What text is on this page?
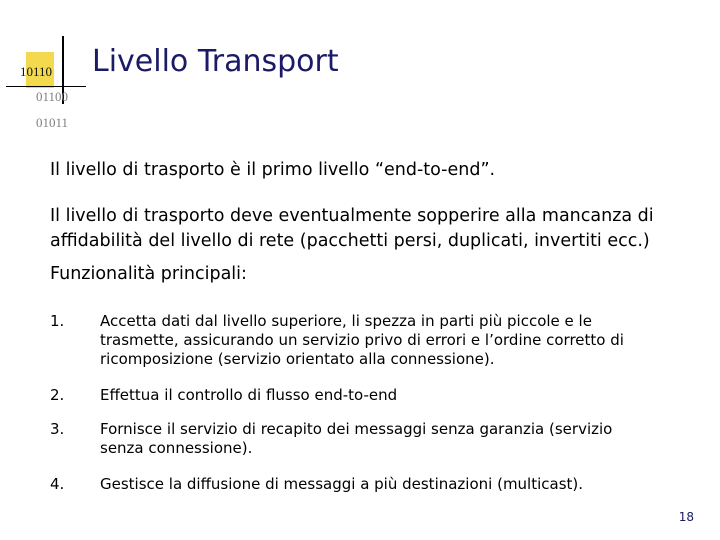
10110
01100
01011
Livello Transport
Il livello di trasporto è il primo livello “end-to-end”.
Il livello di trasporto deve eventualmente sopperire alla mancanza di
affidabilità del livello di rete (pacchetti persi, duplicati, invertiti ecc.)
Funzionalità principali:
1.	Accetta dati dal livello superiore, li spezza in parti più piccole e le trasmette, assicurando un servizio privo di errori e l’ordine corretto di ricomposizione (servizio orientato alla connessione).
2.	Effettua il controllo di flusso end-to-end
3.	Fornisce il servizio di recapito dei messaggi senza garanzia (servizio senza connessione).
4.	Gestisce la diffusione di messaggi a più destinazioni (multicast).
18
